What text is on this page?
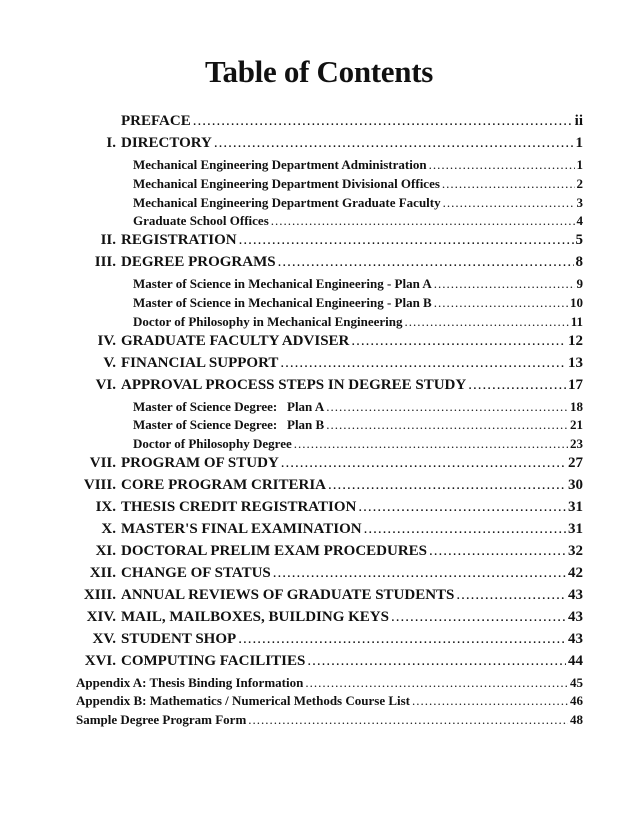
Table of Contents
PREFACE .....	ii
I. DIRECTORY .....	1
Mechanical Engineering Department Administration .....	1
Mechanical Engineering Department Divisional Offices .....	2
Mechanical Engineering Department Graduate Faculty .....	3
Graduate School Offices .....	4
II. REGISTRATION .....	5
III. DEGREE PROGRAMS .....	8
Master of Science in Mechanical Engineering - Plan A .....	9
Master of Science in Mechanical Engineering - Plan B .....	10
Doctor of Philosophy in Mechanical Engineering .....	11
IV. GRADUATE FACULTY ADVISER .....	12
V. FINANCIAL SUPPORT .....	13
VI. APPROVAL PROCESS STEPS IN DEGREE STUDY .....	17
Master of Science Degree:   Plan A .....	18
Master of Science Degree:   Plan B .....	21
Doctor of Philosophy Degree .....	23
VII. PROGRAM OF STUDY .....	27
VIII. CORE PROGRAM CRITERIA .....	30
IX. THESIS CREDIT REGISTRATION .....	31
X. MASTER'S FINAL EXAMINATION .....	31
XI. DOCTORAL PRELIM EXAM PROCEDURES .....	32
XII. CHANGE OF STATUS .....	42
XIII. ANNUAL REVIEWS OF GRADUATE STUDENTS .....	43
XIV. MAIL, MAILBOXES, BUILDING KEYS .....	43
XV. STUDENT SHOP .....	43
XVI. COMPUTING FACILITIES .....	44
Appendix A: Thesis Binding Information .....	45
Appendix B: Mathematics / Numerical Methods Course List .....	46
Sample Degree Program Form .....	48
